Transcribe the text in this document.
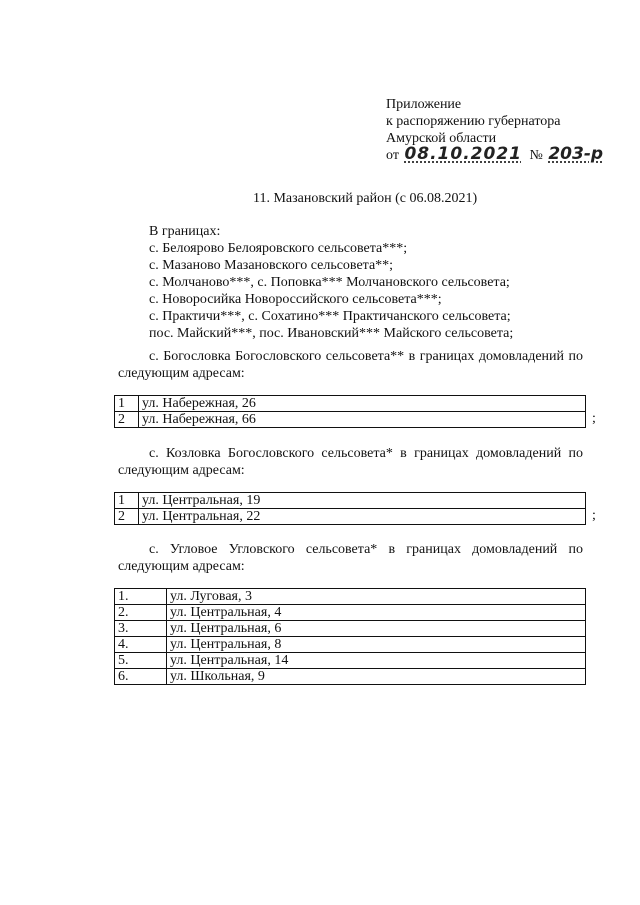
Приложение
к распоряжению губернатора
Амурской области
от 08.10.2021 № 203-р
11. Мазановский район (с 06.08.2021)
В границах:
с. Белоярово Белояровского сельсовета***;
с. Мазаново Мазановского сельсовета**;
с. Молчаново***, с. Поповка*** Молчановского сельсовета;
с. Новоросийка Новороссийского сельсовета***;
с. Практичи***, с. Сохатино*** Практичанского сельсовета;
пос. Майский***, пос. Ивановский*** Майского сельсовета;
с. Богословка Богословского сельсовета** в границах домовладений по
следующим адресам:
1	ул. Набережная, 26
2	ул. Набережная, 66	;
с. Козловка Богословского сельсовета* в границах домовладений по
следующим адресам:
1	ул. Центральная, 19
2	ул. Центральная, 22	;
с. Угловое Угловского сельсовета* в границах домовладений по
следующим адресам:
1.	ул. Луговая, 3
2.	ул. Центральная, 4
3.	ул. Центральная, 6
4.	ул. Центральная, 8
5.	ул. Центральная, 14
6.	ул. Школьная, 9
